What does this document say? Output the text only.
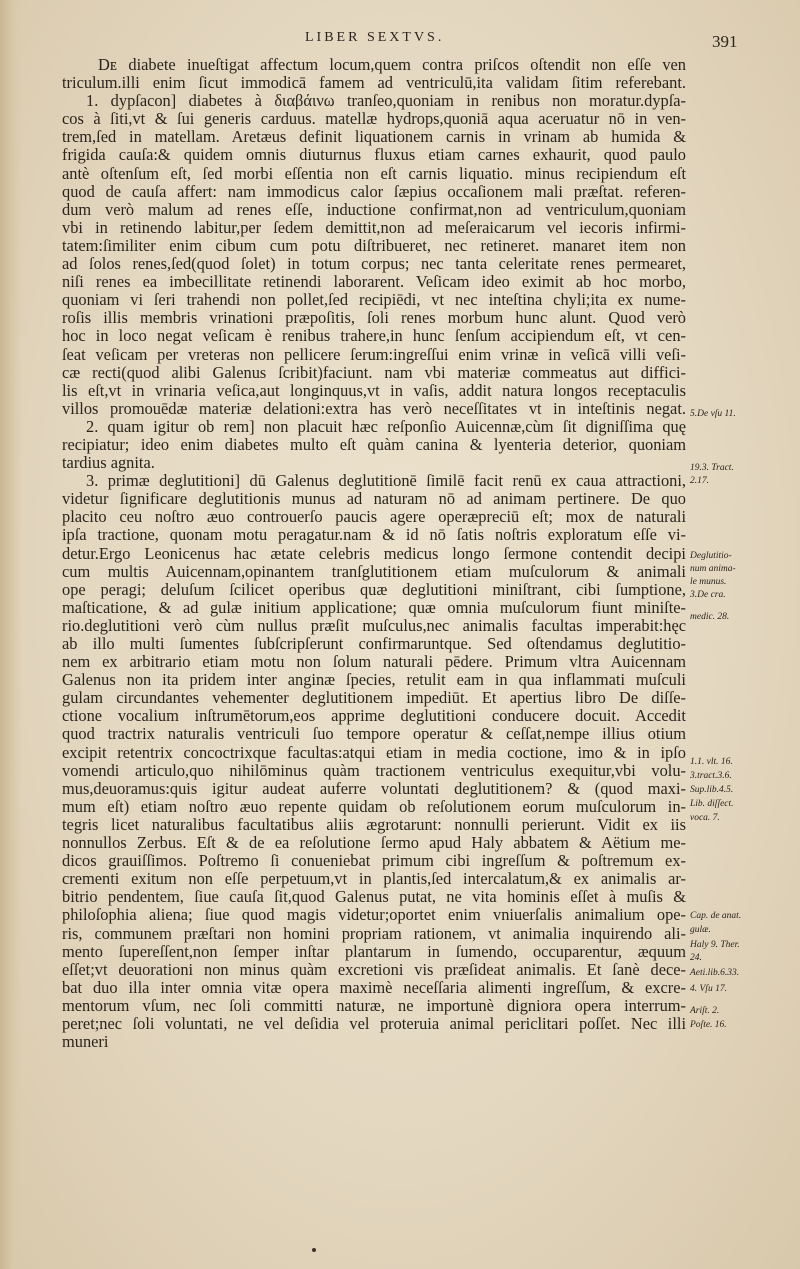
LIBER SEXTVS.	391
Dᴇ diabete inueſtigat affectum locum,quem contra priſcos oſtendit non eſſe ven
triculum.illi enim ſicut immodicā famem ad ventriculū,ita validam ſitim referebant.
1. dypſacon] diabetes à διαβάινω tranſeo,quoniam in renibus non moratur.dypſa-
cos à ſiti,vt & ſui generis carduus. matellæ hydrops,quoniā aqua aceruatur nō in ven-
trem,ſed in matellam. Aretæus definit liquationem carnis in vrinam ab humida &
frigida cauſa:& quidem omnis diuturnus fluxus etiam carnes exhaurit, quod paulo
antè oſtenſum eſt, ſed morbi eſſentia non eſt carnis liquatio. minus recipiendum eſt
quod de cauſa affert: nam immodicus calor ſæpius occaſionem mali præſtat. referen-
dum verò malum ad renes eſſe, inductione confirmat,non ad ventriculum,quoniam
vbi in retinendo labitur,per ſedem demittit,non ad meſeraicarum vel iecoris infirmi-
tatem:ſimiliter enim cibum cum potu diſtribueret, nec retineret. manaret item non
ad ſolos renes,ſed(quod ſolet) in totum corpus; nec tanta celeritate renes permearet,
niſi renes ea imbecillitate retinendi laborarent. Veſicam ideo eximit ab hoc morbo,
quoniam vi ſeri trahendi non pollet,ſed recipiēdi, vt nec inteſtina chyli;ita ex nume-
roſis illis membris vrinationi præpoſitis, ſoli renes morbum hunc alunt. Quod verò
hoc in loco negat veſicam è renibus trahere,in hunc ſenſum accipiendum eſt, vt cen-
ſeat veſicam per vreteras non pellicere ſerum:ingreſſui enim vrinæ in veſicā villi veſi-
cæ recti(quod alibi Galenus ſcribit)faciunt. nam vbi materiæ commeatus aut diffici-
lis eſt,vt in vrinaria veſica,aut longinquus,vt in vaſis, addit natura longos receptaculis
villos promouēdæ materiæ delationi:extra has verò neceſſitates vt in inteſtinis negat.
2. quam igitur ob rem] non placuit hæc reſponſio Auicennæ,cùm ſit digniſſima quę
recipiatur; ideo enim diabetes multo eſt quàm canina & lyenteria deterior, quoniam
tardius agnita.
3. primæ deglutitioni] dū Galenus deglutitionē ſimilē facit renū ex caua attractioni,
videtur ſignificare deglutitionis munus ad naturam nō ad animam pertinere. De quo
placito ceu noſtro æuo controuerſo paucis agere operæpreciū eſt; mox de naturali
ipſa tractione, quonam motu peragatur.nam & id nō ſatis noſtris exploratum eſſe vi-
detur.Ergo Leonicenus hac ætate celebris medicus longo ſermone contendit decipi
cum multis Auicennam,opinantem tranſglutitionem etiam muſculorum & animali
ope peragi; deluſum ſcilicet operibus quæ deglutitioni miniſtrant, cibi ſumptione,
maſticatione, & ad gulæ initium applicatione; quæ omnia muſculorum fiunt miniſte-
rio.deglutitioni verò cùm nullus præſit muſculus,nec animalis facultas imperabit:hęc
ab illo multi ſumentes ſubſcripſerunt confirmaruntque. Sed oſtendamus deglutitio-
nem ex arbitrario etiam motu non ſolum naturali pēdere. Primum vltra Auicennam
Galenus non ita pridem inter anginæ ſpecies, retulit eam in qua inflammati muſculi
gulam circundantes vehementer deglutitionem impediūt. Et apertius libro De diſſe-
ctione vocalium inſtrumētorum,eos apprime deglutitioni conducere docuit. Accedit
quod tractrix naturalis ventriculi ſuo tempore operatur & ceſſat,nempe illius otium
excipit retentrix concoctrixque facultas:atqui etiam in media coctione, imo & in ipſo
vomendi articulo,quo nihilōminus quàm tractionem ventriculus exequitur,vbi volu-
mus,deuoramus:quis igitur audeat auferre voluntati deglutitionem? & (quod maxi-
mum eſt) etiam noſtro æuo repente quidam ob reſolutionem eorum muſculorum in-
tegris licet naturalibus facultatibus aliis ægrotarunt: nonnulli perierunt. Vidit ex iis
nonnullos Zerbus. Eſt & de ea reſolutione ſermo apud Haly abbatem & Aëtium me-
dicos grauiſſimos. Poſtremo ſi conueniebat primum cibi ingreſſum & poſtremum ex-
crementi exitum non eſſe perpetuum,vt in plantis,ſed intercalatum,& ex animalis ar-
bitrio pendentem, ſiue cauſa ſit,quod Galenus putat, ne vita hominis eſſet à muſis &
philoſophia aliena; ſiue quod magis videtur;oportet enim vniuerſalis animalium ope-
ris, communem præſtari non homini propriam rationem, vt animalia inquirendo ali-
mento ſupereſſent,non ſemper inſtar plantarum in ſumendo, occuparentur, æquum
eſſet;vt deuorationi non minus quàm excretioni vis præſideat animalis. Et ſanè dece-
bat duo illa inter omnia vitæ opera maximè neceſſaria alimenti ingreſſum, & excre-
mentorum vſum, nec ſoli committi naturæ, ne importunè digniora opera interrum-
peret;nec ſoli voluntati, ne vel deſidia vel proteruia animal periclitari poſſet. Nec illi
muneri
5.De vſu 11.
19.3. Tract.
2.17.
Deglutitio-
num anima-
le munus.
3.De cra.
medic. 28.
1.1. vlt. 16.
3.tract.3.6.
Sup.lib.4.5.
Lib. diſſect.
voca. 7.
Cap. de anat.
gulæ.
Haly 9. Ther.
24.
Aeti.lib.6.33.
4. Vſu 17.
Ariſt. 2.
Poſte. 16.
